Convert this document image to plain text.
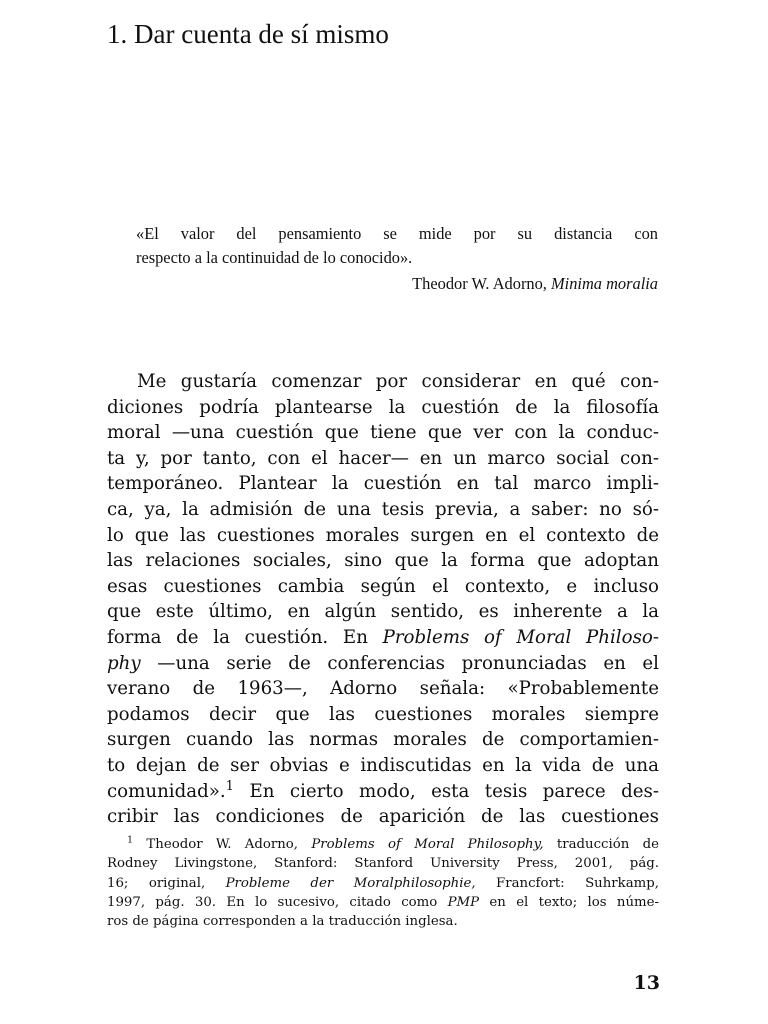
1. Dar cuenta de sí mismo
«El valor del pensamiento se mide por su distancia con
respecto a la continuidad de lo conocido».
Theodor W. Adorno, Minima moralia
Me gustaría comenzar por considerar en qué con-
diciones podría plantearse la cuestión de la filosofía
moral —una cuestión que tiene que ver con la conduc-
ta y, por tanto, con el hacer— en un marco social con-
temporáneo. Plantear la cuestión en tal marco impli-
ca, ya, la admisión de una tesis previa, a saber: no só-
lo que las cuestiones morales surgen en el contexto de
las relaciones sociales, sino que la forma que adoptan
esas cuestiones cambia según el contexto, e incluso
que este último, en algún sentido, es inherente a la
forma de la cuestión. En Problems of Moral Philoso-
phy —una serie de conferencias pronunciadas en el
verano de 1963—, Adorno señala: «Probablemente
podamos decir que las cuestiones morales siempre
surgen cuando las normas morales de comportamien-
to dejan de ser obvias e indiscutidas en la vida de una
comunidad».$^1$ En cierto modo, esta tesis parece des-
cribir las condiciones de aparición de las cuestiones
$^1$ Theodor W. Adorno, Problems of Moral Philosophy, traducción de
Rodney Livingstone, Stanford: Stanford University Press, 2001, pág.
16; original, Probleme der Moralphilosophie, Francfort: Suhrkamp,
1997, pág. 30. En lo sucesivo, citado como PMP en el texto; los núme-
ros de página corresponden a la traducción inglesa.
13
